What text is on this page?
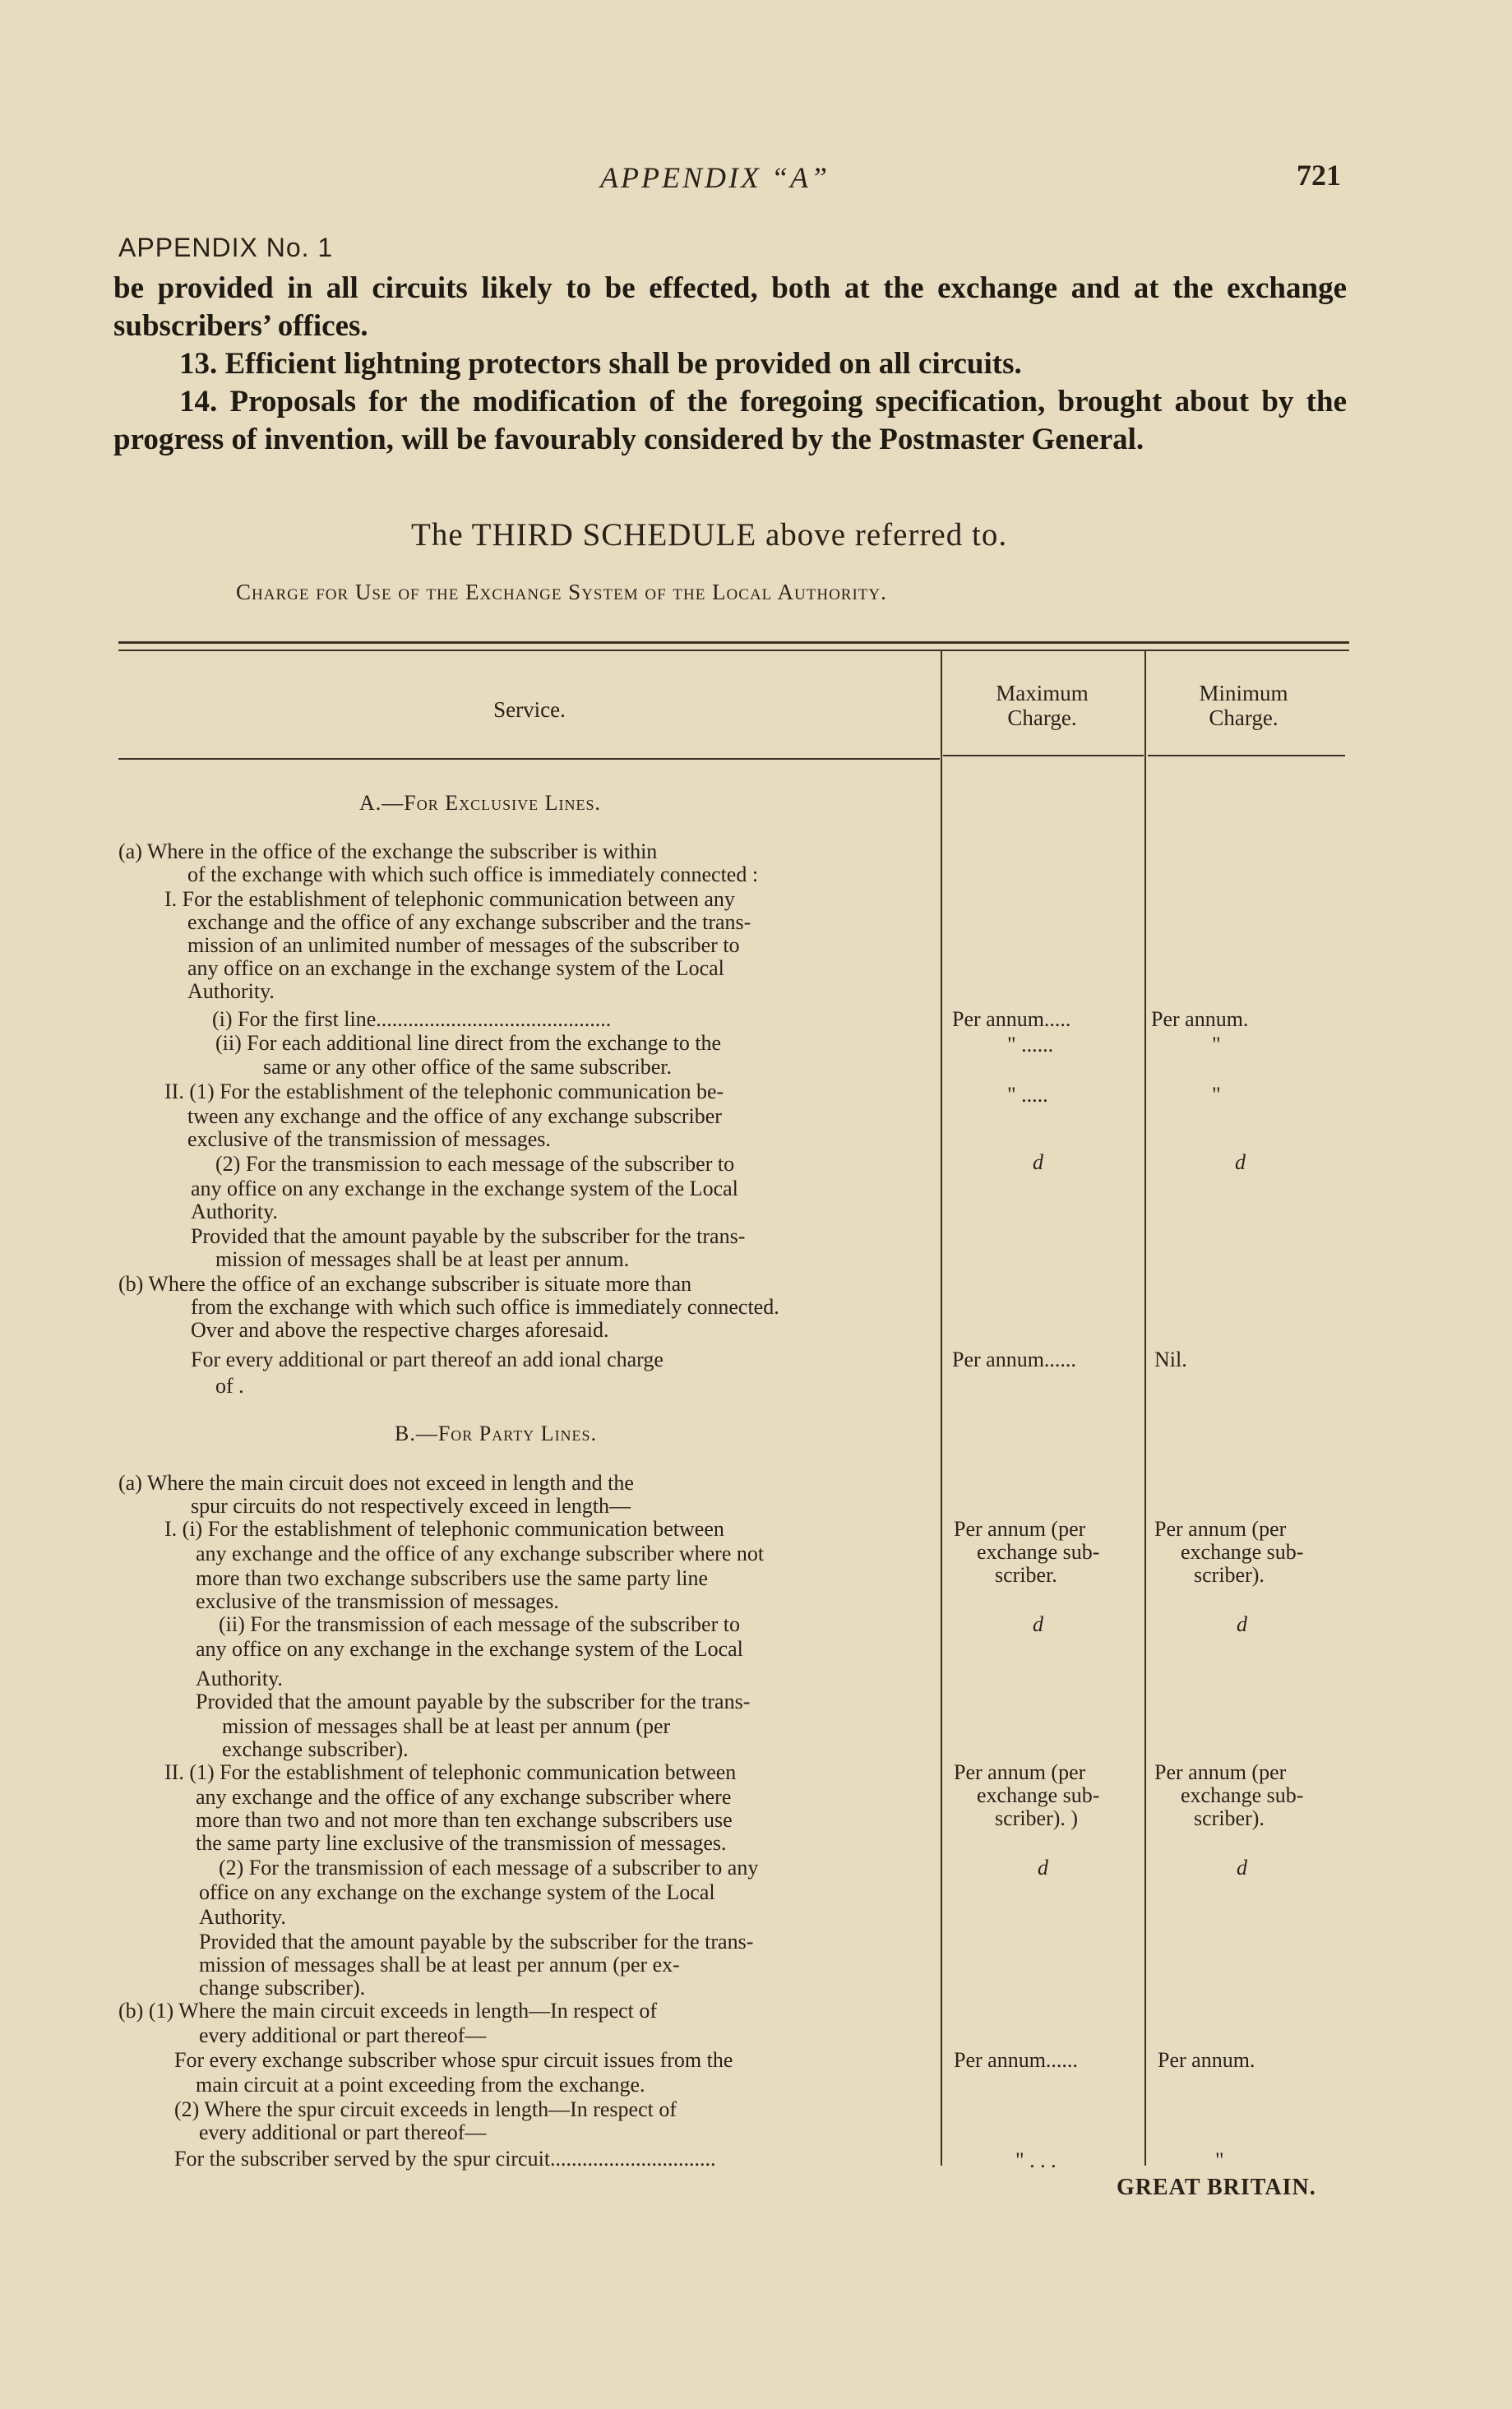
APPENDIX “A”	721
APPENDIX No. 1

be provided in all circuits likely to be effected, both at the exchange and at the exchange subscribers’ offices.

13. Efficient lightning protectors shall be provided on all circuits.

14. Proposals for the modification of the foregoing specification, brought about by the progress of invention, will be favourably considered by the Postmaster General.

The THIRD SCHEDULE above referred to.
Charge for Use of the Exchange System of the Local Authority.
Service.
Maximum Charge.
Minimum Charge.
A.—For Exclusive Lines.
B.—For Party Lines.
(a) Where in the office of the exchange the subscriber is within
of the exchange with which such office is immediately connected :
I. For the establishment of telephonic communication between any
exchange and the office of any exchange subscriber and the trans-
mission of an unlimited number of messages of the subscriber to
any office on an exchange in the exchange system of the Local
Authority.
(i) For the first line............................................
(ii) For each additional line direct from the exchange to the
same or any other office of the same subscriber.
II. (1) For the establishment of the telephonic communication be-
tween any exchange and the office of any exchange subscriber
exclusive of the transmission of messages.
(2) For the transmission to each message of the subscriber to
any office on any exchange in the exchange system of the Local
Authority.
Provided that the amount payable by the subscriber for the trans-
mission of messages shall be at least per annum.
(b) Where the office of an exchange subscriber is situate more than
from the exchange with which such office is immediately connected.
Over and above the respective charges aforesaid.
For every additional or part thereof an add ional charge
of .
(a) Where the main circuit does not exceed in length and the
spur circuits do not respectively exceed in length—
I. (i) For the establishment of telephonic communication between
any exchange and the office of any exchange subscriber where not
more than two exchange subscribers use the same party line
exclusive of the transmission of messages.
(ii) For the transmission of each message of the subscriber to
any office on any exchange in the exchange system of the Local
Authority.
Provided that the amount payable by the subscriber for the trans-
mission of messages shall be at least per annum (per
exchange subscriber).
II. (1) For the establishment of telephonic communication between
any exchange and the office of any exchange subscriber where
more than two and not more than ten exchange subscribers use
the same party line exclusive of the transmission of messages.
(2) For the transmission of each message of a subscriber to any
office on any exchange on the exchange system of the Local
Authority.
Provided that the amount payable by the subscriber for the trans-
mission of messages shall be at least per annum (per ex-
change subscriber).
(b) (1) Where the main circuit exceeds in length—In respect of
every additional or part thereof—
For every exchange subscriber whose spur circuit issues from the
main circuit at a point exceeding from the exchange.
(2) Where the spur circuit exceeds in length—In respect of
every additional or part thereof—
For the subscriber served by the spur circuit...............................
Per annum.....
" ......
" .....
d
Per annum......
Per annum (per
exchange sub-
scriber.
d
Per annum (per
exchange sub-
scriber). )
d
Per annum......
" . . .
Per annum.
"
"
d
Nil.
Per annum (per
exchange sub-
scriber).
d
Per annum (per
exchange sub-
scriber).
d
Per annum.
"
GREAT BRITAIN.
